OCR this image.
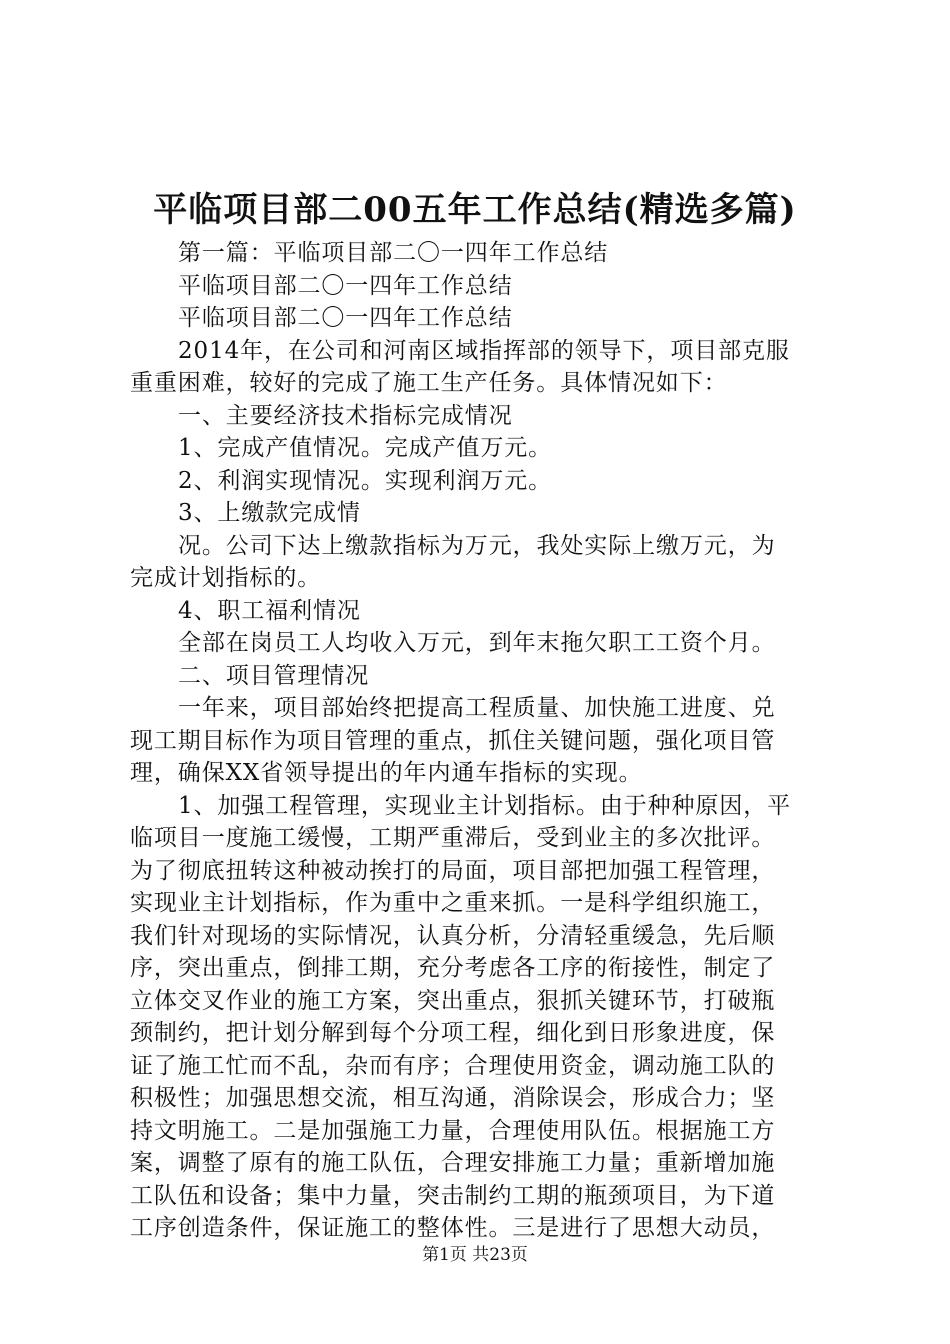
平临项目部二00五年工作总结(精选多篇)
第一篇：平临项目部二〇一四年工作总结
平临项目部二〇一四年工作总结
平临项目部二〇一四年工作总结
2014年，在公司和河南区域指挥部的领导下，项目部克服
重重困难，较好的完成了施工生产任务。具体情况如下：
一、主要经济技术指标完成情况
1、完成产值情况。完成产值万元。
2、利润实现情况。实现利润万元。
3、上缴款完成情
况。公司下达上缴款指标为万元，我处实际上缴万元，为
完成计划指标的。
4、职工福利情况
全部在岗员工人均收入万元，到年末拖欠职工工资个月。
二、项目管理情况
一年来，项目部始终把提高工程质量、加快施工进度、兑
现工期目标作为项目管理的重点，抓住关键问题，强化项目管
理，确保XX省领导提出的年内通车指标的实现。
1、加强工程管理，实现业主计划指标。由于种种原因，平
临项目一度施工缓慢，工期严重滞后，受到业主的多次批评。
为了彻底扭转这种被动挨打的局面，项目部把加强工程管理，
实现业主计划指标，作为重中之重来抓。一是科学组织施工，
我们针对现场的实际情况，认真分析，分清轻重缓急，先后顺
序，突出重点，倒排工期，充分考虑各工序的衔接性，制定了
立体交叉作业的施工方案，突出重点，狠抓关键环节，打破瓶
颈制约，把计划分解到每个分项工程，细化到日形象进度，保
证了施工忙而不乱，杂而有序；合理使用资金，调动施工队的
积极性；加强思想交流，相互沟通，消除误会，形成合力；坚
持文明施工。二是加强施工力量，合理使用队伍。根据施工方
案，调整了原有的施工队伍，合理安排施工力量；重新增加施
工队伍和设备；集中力量，突击制约工期的瓶颈项目，为下道
工序创造条件，保证施工的整体性。三是进行了思想大动员，
第1页 共23页
